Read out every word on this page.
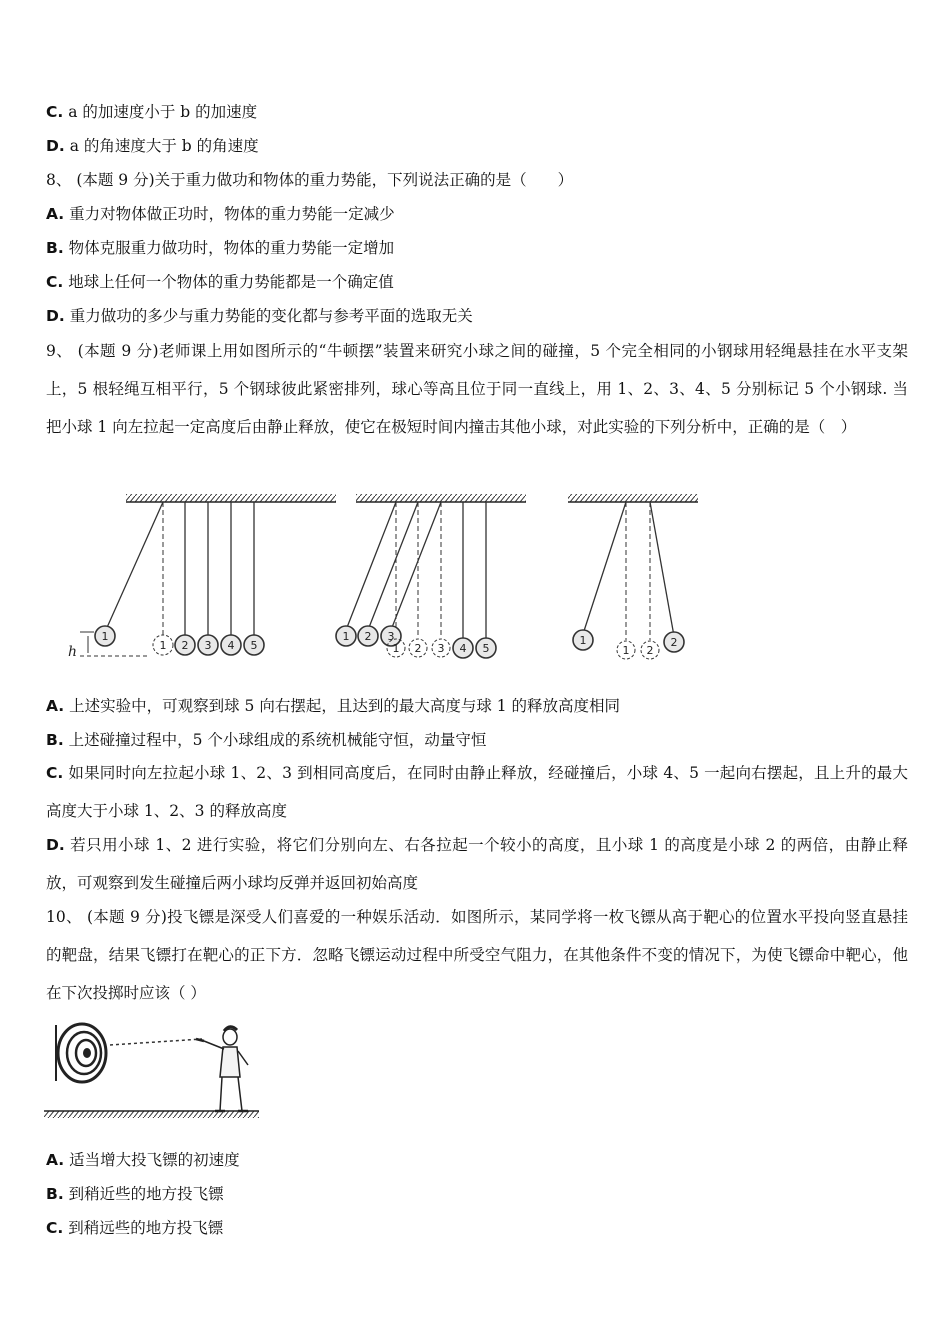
C. a 的加速度小于 b 的加速度
D. a 的角速度大于 b 的角速度
8、 (本题 9 分)关于重力做功和物体的重力势能，下列说法正确的是（　　）
A. 重力对物体做正功时，物体的重力势能一定减少
B. 物体克服重力做功时，物体的重力势能一定增加
C. 地球上任何一个物体的重力势能都是一个确定值
D. 重力做功的多少与重力势能的变化都与参考平面的选取无关
9、 (本题 9 分)老师课上用如图所示的“牛顿摆”装置来研究小球之间的碰撞，5 个完全相同的小钢球用轻绳悬挂在水平支架上，5 根轻绳互相平行，5 个钢球彼此紧密排列，球心等高且位于同一直线上，用 1、2、3、4、5 分别标记 5 个小钢球. 当把小球 1 向左拉起一定高度后由静止释放，使它在极短时间内撞击其他小球，对此实验的下列分析中，正确的是（　）
h
1
1 2 3 4 5
1 2 3
1 2 3 4 5
1
1 2
2
A. 上述实验中，可观察到球 5 向右摆起，且达到的最大高度与球 1 的释放高度相同
B. 上述碰撞过程中，5 个小球组成的系统机械能守恒，动量守恒
C. 如果同时向左拉起小球 1、2、3 到相同高度后，在同时由静止释放，经碰撞后，小球 4、5 一起向右摆起，且上升的最大高度大于小球 1、2、3 的释放高度
D. 若只用小球 1、2 进行实验，将它们分别向左、右各拉起一个较小的高度，且小球 1 的高度是小球 2 的两倍，由静止释放，可观察到发生碰撞后两小球均反弹并返回初始高度
10、 (本题 9 分)投飞镖是深受人们喜爱的一种娱乐活动．如图所示，某同学将一枚飞镖从高于靶心的位置水平投向竖直悬挂的靶盘，结果飞镖打在靶心的正下方．忽略飞镖运动过程中所受空气阻力，在其他条件不变的情况下，为使飞镖命中靶心，他在下次投掷时应该（ ）
A. 适当增大投飞镖的初速度
B. 到稍近些的地方投飞镖
C. 到稍远些的地方投飞镖
